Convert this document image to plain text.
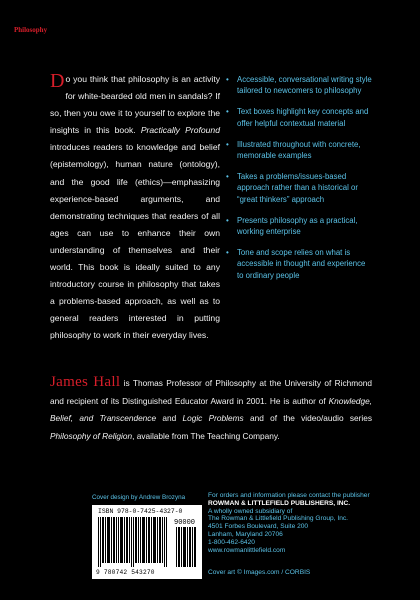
Philosophy
Do you think that philosophy is an activity for white-bearded old men in sandals? If so, then you owe it to yourself to explore the insights in this book. Practically Profound introduces readers to knowledge and belief (epistemology), human nature (ontology), and the good life (ethics)—emphasizing experience-based arguments, and demonstrating techniques that readers of all ages can use to enhance their own understanding of themselves and their world. This book is ideally suited to any introductory course in philosophy that takes a problems-based approach, as well as to general readers interested in putting philosophy to work in their everyday lives.
• Accessible, conversational writing style tailored to newcomers to philosophy
• Text boxes highlight key concepts and offer helpful contextual material
• Illustrated throughout with concrete, memorable examples
• Takes a problems/issues-based approach rather than a historical or “great thinkers” approach
• Presents philosophy as a practical, working enterprise
• Tone and scope relies on what is accessible in thought and experience to ordinary people
James Hall is Thomas Professor of Philosophy at the University of Richmond and recipient of its Distinguished Educator Award in 2001. He is author of Knowledge, Belief, and Transcendence and Logic Problems and of the video/audio series Philosophy of Religion, available from The Teaching Company.
Cover design by Andrew Brozyna
ISBN 978-0-7425-4327-0
90000
9 780742 543270
For orders and information please contact the publisher
ROWMAN & LITTLEFIELD PUBLISHERS, INC.
A wholly owned subsidiary of
The Rowman & Littlefield Publishing Group, Inc.
4501 Forbes Boulevard, Suite 200
Lanham, Maryland 20706
1-800-462-6420
www.rowmanlittlefield.com
Cover art © Images.com / CORBIS
